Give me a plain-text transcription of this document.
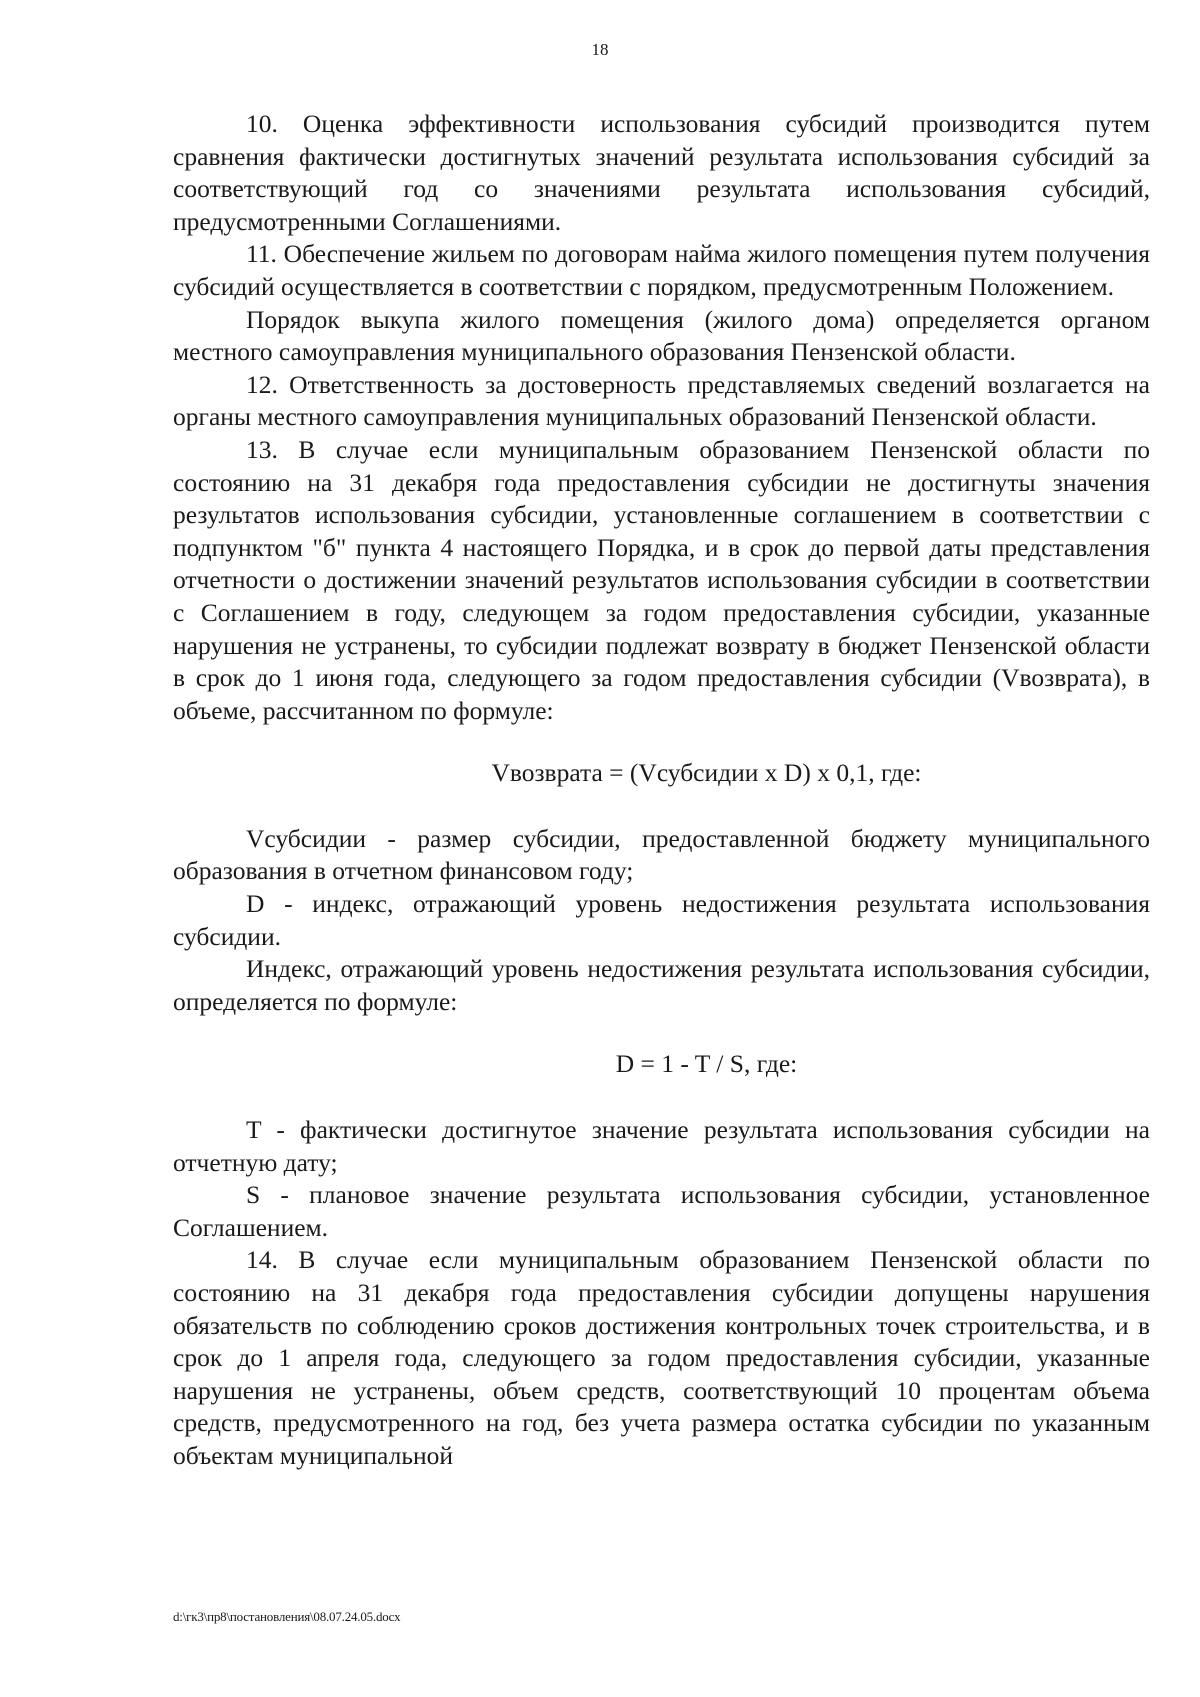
18

10. Оценка эффективности использования субсидий производится путем сравнения фактически достигнутых значений результата использования субсидий за соответствующий год со значениями результата использования субсидий, предусмотренными Соглашениями.

11. Обеспечение жильем по договорам найма жилого помещения путем получения субсидий осуществляется в соответствии с порядком, предусмотренным Положением.

Порядок выкупа жилого помещения (жилого дома) определяется органом местного самоуправления муниципального образования Пензенской области.

12. Ответственность за достоверность представляемых сведений возлагается на органы местного самоуправления муниципальных образований Пензенской области.

13. В случае если муниципальным образованием Пензенской области по состоянию на 31 декабря года предоставления субсидии не достигнуты значения результатов использования субсидии, установленные соглашением в соответствии с подпунктом "б" пункта 4 настоящего Порядка, и в срок до первой даты представления отчетности о достижении значений результатов использования субсидии в соответствии с Соглашением в году, следующем за годом предоставления субсидии, указанные нарушения не устранены, то субсидии подлежат возврату в бюджет Пензенской области в срок до 1 июня года, следующего за годом предоставления субсидии (Vвозврата), в объеме, рассчитанном по формуле:

Vвозврата = (Vсубсидии x D) x 0,1, где:

Vсубсидии - размер субсидии, предоставленной бюджету муниципального образования в отчетном финансовом году;

D - индекс, отражающий уровень недостижения результата использования субсидии.

Индекс, отражающий уровень недостижения результата использования субсидии, определяется по формуле:

D = 1 - T / S, где:

T - фактически достигнутое значение результата использования субсидии на отчетную дату;

S - плановое значение результата использования субсидии, установленное Соглашением.

14. В случае если муниципальным образованием Пензенской области по состоянию на 31 декабря года предоставления субсидии допущены нарушения обязательств по соблюдению сроков достижения контрольных точек строительства, и в срок до 1 апреля года, следующего за годом предоставления субсидии, указанные нарушения не устранены, объем средств, соответствующий 10 процентам объема средств, предусмотренного на год, без учета размера остатка субсидии по указанным объектам муниципальной

d:\гк3\пр8\постановления\08.07.24.05.docx
